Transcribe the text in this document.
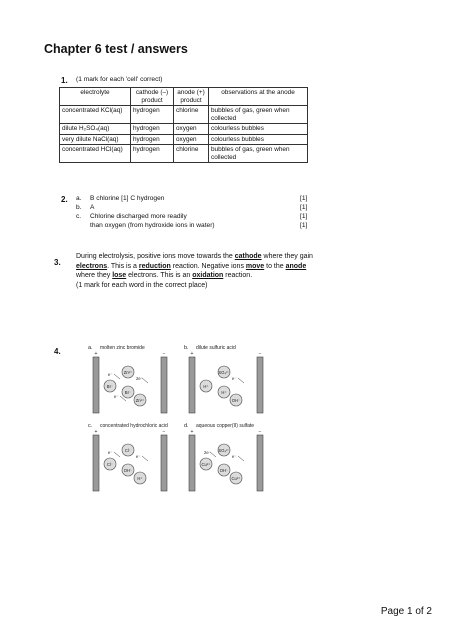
Chapter 6 test / answers
1. (1 mark for each 'cell' correct)
electrolyte	cathode (–) product	anode (+) product	observations at the anode
concentrated KCl(aq)	hydrogen	chlorine	bubbles of gas, green when collected
dilute H₂SO₄(aq)	hydrogen	oxygen	colourless bubbles
very dilute NaCl(aq)	hydrogen	oxygen	colourless bubbles
concentrated HCl(aq)	hydrogen	chlorine	bubbles of gas, green when collected
2. a. B chlorine [1] C hydrogen	[1]
b. A	[1]
c. Chlorine discharged more readily	[1]
than oxygen (from hydroxide ions in water)	[1]
3.
During electrolysis, positive ions move towards the cathode where they gain electrons. This is a reduction reaction. Negative ions move to the anode where they lose electrons. This is an oxidation reaction.
(1 mark for each word in the correct place)
4.	a. molten zinc bromide
+	−
Zn²⁺
Br⁻
Br⁻
Zn²⁺
2e⁻
e⁻
e⁻
b. dilute sulfuric acid
+	−
SO₄²⁻
H⁺
H⁺
OH⁻
e⁻
c. concentrated hydrochloric acid
+	−
Cl⁻
OH⁻
Cl⁻
H⁺
e⁻
e⁻
d. aqueous copper(II) sulfate
+	−
SO₄²⁻
OH⁻
Cu²⁺
Cu²⁺
e⁻
2e⁻
Page 1 of 2
